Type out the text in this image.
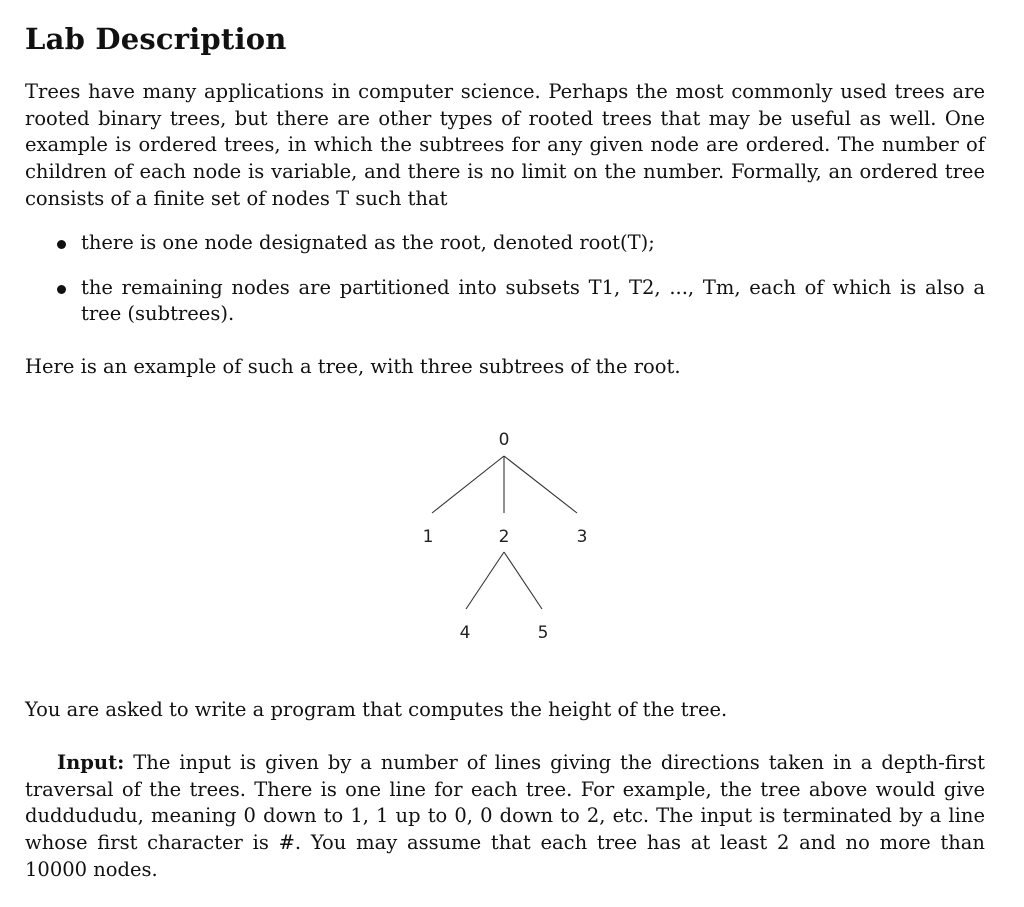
Lab Description

Trees have many applications in computer science. Perhaps the most commonly used trees are rooted binary trees, but there are other types of rooted trees that may be useful as well. One example is ordered trees, in which the subtrees for any given node are ordered. The number of children of each node is variable, and there is no limit on the number. Formally, an ordered tree consists of a finite set of nodes T such that

there is one node designated as the root, denoted root(T);
the remaining nodes are partitioned into subsets T1, T2, ..., Tm, each of which is also a tree (subtrees).

Here is an example of such a tree, with three subtrees of the root.

0
1	2	3
4	5

You are asked to write a program that computes the height of the tree.

Input: The input is given by a number of lines giving the directions taken in a depth-first traversal of the trees. There is one line for each tree. For example, the tree above would give duddududu, meaning 0 down to 1, 1 up to 0, 0 down to 2, etc. The input is terminated by a line whose first character is #. You may assume that each tree has at least 2 and no more than 10000 nodes.
